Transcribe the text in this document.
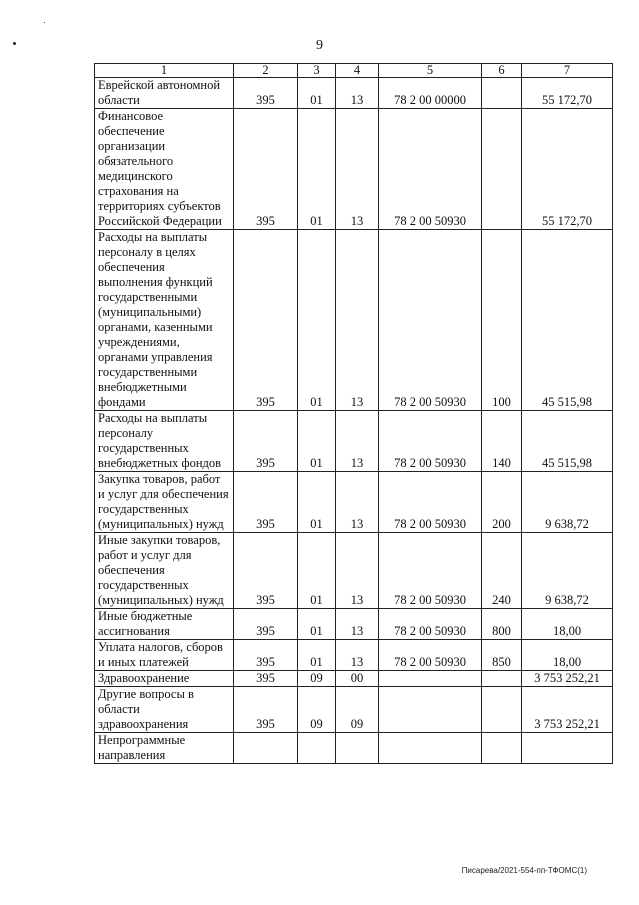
9
1	2	3	4	5	6	7
Еврейской автономной области	395	01	13	78 2 00 00000		55 172,70
Финансовое обеспечение организации обязательного медицинского страхования на территориях субъектов Российской Федерации	395	01	13	78 2 00 50930		55 172,70
Расходы на выплаты персоналу в целях обеспечения выполнения функций государственными (муниципальными) органами, казенными учреждениями, органами управления государственными внебюджетными фондами	395	01	13	78 2 00 50930	100	45 515,98
Расходы на выплаты персоналу государственных внебюджетных фондов	395	01	13	78 2 00 50930	140	45 515,98
Закупка товаров, работ и услуг для обеспечения государственных (муниципальных) нужд	395	01	13	78 2 00 50930	200	9 638,72
Иные закупки товаров, работ и услуг для обеспечения государственных (муниципальных) нужд	395	01	13	78 2 00 50930	240	9 638,72
Иные бюджетные ассигнования	395	01	13	78 2 00 50930	800	18,00
Уплата налогов, сборов и иных платежей	395	01	13	78 2 00 50930	850	18,00
Здравоохранение	395	09	00			3 753 252,21
Другие вопросы в области здравоохранения	395	09	09			3 753 252,21
Непрограммные направления						
Писарева/2021-554-пп-ТФОМС(1)
